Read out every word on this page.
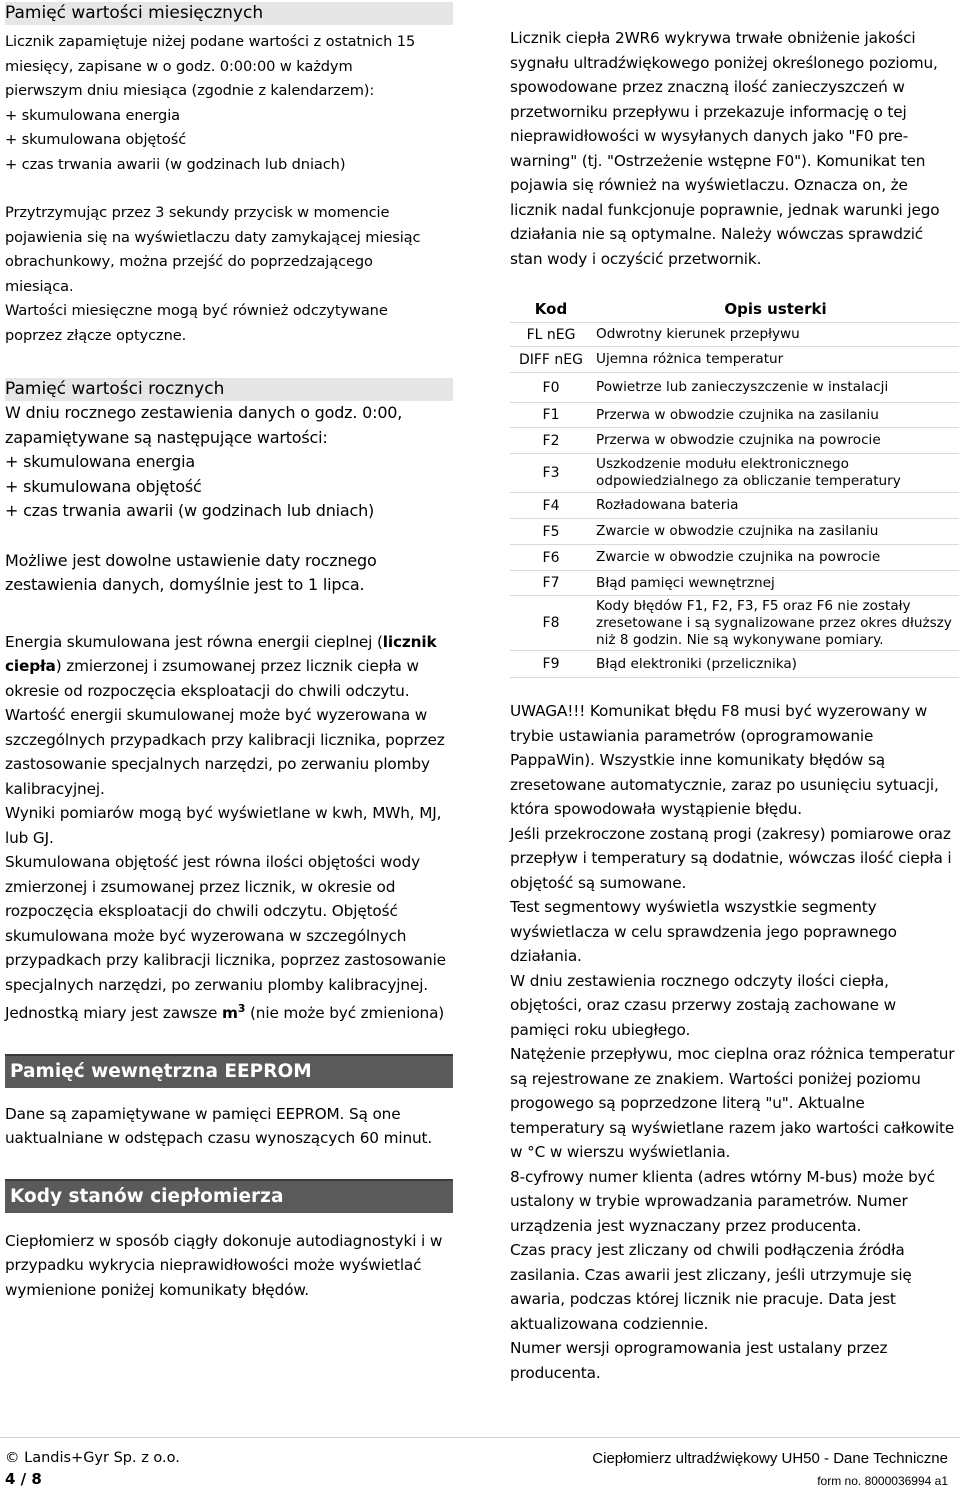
Pamięć wartości miesięcznych

Licznik zapamiętuje niżej podane wartości z ostatnich 15

miesięcy, zapisane w o godz. 0:00:00 w każdym

pierwszym dniu miesiąca (zgodnie z kalendarzem):

+ skumulowana energia

+ skumulowana objętość

+ czas trwania awarii (w godzinach lub dniach)

Przytrzymując przez 3 sekundy przycisk w momencie

pojawienia się na wyświetlaczu daty zamykającej miesiąc

obrachunkowy, można przejść do poprzedzającego

miesiąca.

Wartości miesięczne mogą być również odczytywane

poprzez złącze optyczne.

Pamięć wartości rocznych

W dniu rocznego zestawienia danych o godz. 0:00,

zapamiętywane są następujące wartości:

+ skumulowana energia

+ skumulowana objętość

+ czas trwania awarii (w godzinach lub dniach)

Możliwe jest dowolne ustawienie daty rocznego

zestawienia danych, domyślnie jest to 1 lipca.

Energia skumulowana jest równa energii cieplnej (licznik

ciepła) zmierzonej i zsumowanej przez licznik ciepła w

okresie od rozpoczęcia eksploatacji do chwili odczytu.

Wartość energii skumulowanej może być wyzerowana w

szczególnych przypadkach przy kalibracji licznika, poprzez

zastosowanie specjalnych narzędzi, po zerwaniu plomby

kalibracyjnej.

Wyniki pomiarów mogą być wyświetlane w kwh, MWh, MJ,

lub GJ.

Skumulowana objętość jest równa ilości objętości wody

zmierzonej i zsumowanej przez licznik, w okresie od

rozpoczęcia eksploatacji do chwili odczytu. Objętość

skumulowana może być wyzerowana w szczególnych

przypadkach przy kalibracji licznika, poprzez zastosowanie

specjalnych narzędzi, po zerwaniu plomby kalibracyjnej.

Jednostką miary jest zawsze $m^3$ (nie może być zmieniona)

Pamięć wewnętrzna EEPROM

Dane są zapamiętywane w pamięci EEPROM. Są one

uaktualniane w odstępach czasu wynoszących 60 minut.

Kody stanów ciepłomierza

Ciepłomierz w sposób ciągły dokonuje autodiagnostyki i w

przypadku wykrycia nieprawidłowości może wyświetlać

wymienione poniżej komunikaty błędów.

Licznik ciepła 2WR6 wykrywa trwałe obniżenie jakości

sygnału ultradźwiękowego poniżej określonego poziomu,

spowodowane przez znaczną ilość zanieczyszczeń w

przetworniku przepływu i przekazuje informację o tej

nieprawidłowości w wysyłanych danych jako "F0 pre-

warning" (tj. "Ostrzeżenie wstępne F0"). Komunikat ten

pojawia się również na wyświetlaczu. Oznacza on, że

licznik nadal funkcjonuje poprawnie, jednak warunki jego

działania nie są optymalne. Należy wówczas sprawdzić

stan wody i oczyścić przetwornik.

Kod	Opis usterki
FL nEG	Odwrotny kierunek przepływu
DIFF nEG	Ujemna różnica temperatur
F0	Powietrze lub zanieczyszczenie w instalacji
F1	Przerwa w obwodzie czujnika na zasilaniu
F2	Przerwa w obwodzie czujnika na powrocie
F3	Uszkodzenie modułu elektronicznego odpowiedzialnego za obliczanie temperatury
F4	Rozładowana bateria
F5	Zwarcie w obwodzie czujnika na zasilaniu
F6	Zwarcie w obwodzie czujnika na powrocie
F7	Błąd pamięci wewnętrznej
F8	Kody błędów F1, F2, F3, F5 oraz F6 nie zostały zresetowane i są sygnalizowane przez okres dłuższy niż 8 godzin. Nie są wykonywane pomiary.
F9	Błąd elektroniki (przelicznika)

UWAGA!!! Komunikat błędu F8 musi być wyzerowany w

trybie ustawiania parametrów (oprogramowanie

PappaWin). Wszystkie inne komunikaty błędów są

zresetowane automatycznie, zaraz po usunięciu sytuacji,

która spowodowała wystąpienie błędu.

Jeśli przekroczone zostaną progi (zakresy) pomiarowe oraz

przepływ i temperatury są dodatnie, wówczas ilość ciepła i

objętość są sumowane.

Test segmentowy wyświetla wszystkie segmenty

wyświetlacza w celu sprawdzenia jego poprawnego

działania.

W dniu zestawienia rocznego odczyty ilości ciepła,

objętości, oraz czasu przerwy zostają zachowane w

pamięci roku ubiegłego.

Natężenie przepływu, moc cieplna oraz różnica temperatur

są rejestrowane ze znakiem. Wartości poniżej poziomu

progowego są poprzedzone literą "u". Aktualne

temperatury są wyświetlane razem jako wartości całkowite

w °C w wierszu wyświetlania.

8-cyfrowy numer klienta (adres wtórny M-bus) może być

ustalony w trybie wprowadzania parametrów. Numer

urządzenia jest wyznaczany przez producenta.

Czas pracy jest zliczany od chwili podłączenia źródła

zasilania. Czas awarii jest zliczany, jeśli utrzymuje się

awaria, podczas której licznik nie pracuje. Data jest

aktualizowana codziennie.

Numer wersji oprogramowania jest ustalany przez

producenta.

© Landis+Gyr Sp. z o.o.
4 / 8
Ciepłomierz ultradźwiękowy UH50 - Dane Techniczne
form no. 8000036994 a1
